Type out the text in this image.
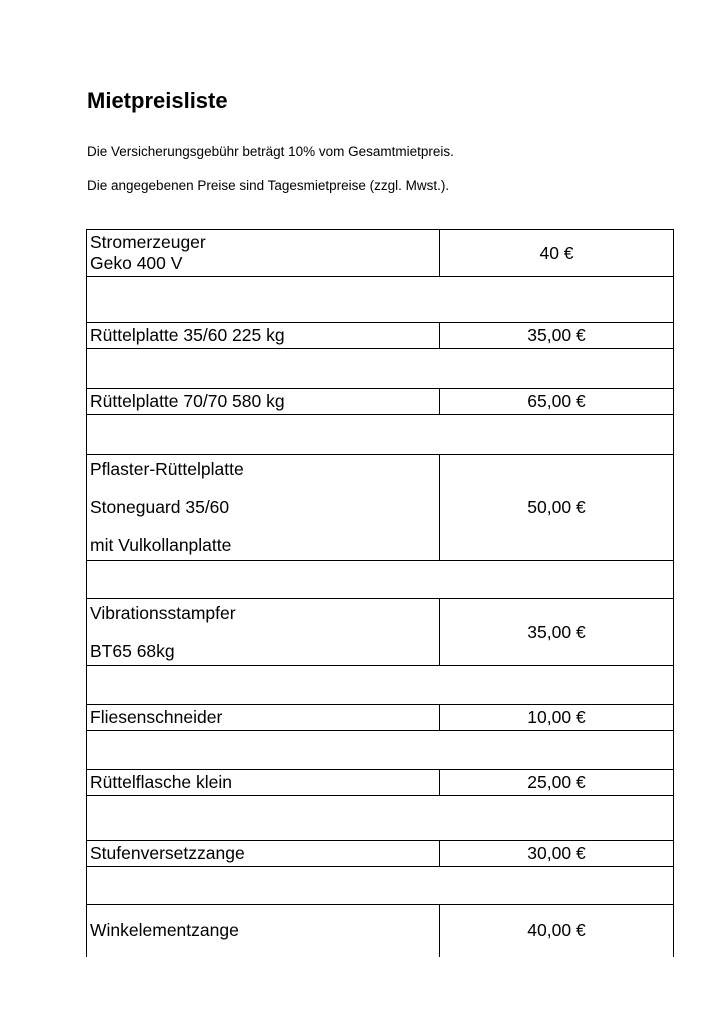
Mietpreisliste

Die Versicherungsgebühr beträgt 10% vom Gesamtmietpreis.

Die angegebenen Preise sind Tagesmietpreise (zzgl. Mwst.).

Stromerzeuger
Geko 400 V	40 €

Rüttelplatte 35/60 225 kg	35,00 €

Rüttelplatte 70/70 580 kg	65,00 €

Pflaster-Rüttelplatte
Stoneguard 35/60
mit Vulkollanplatte	50,00 €

Vibrationsstampfer
BT65 68kg	35,00 €

Fliesenschneider	10,00 €

Rüttelflasche klein	25,00 €

Stufenversetzzange	30,00 €

Winkelementzange	40,00 €
